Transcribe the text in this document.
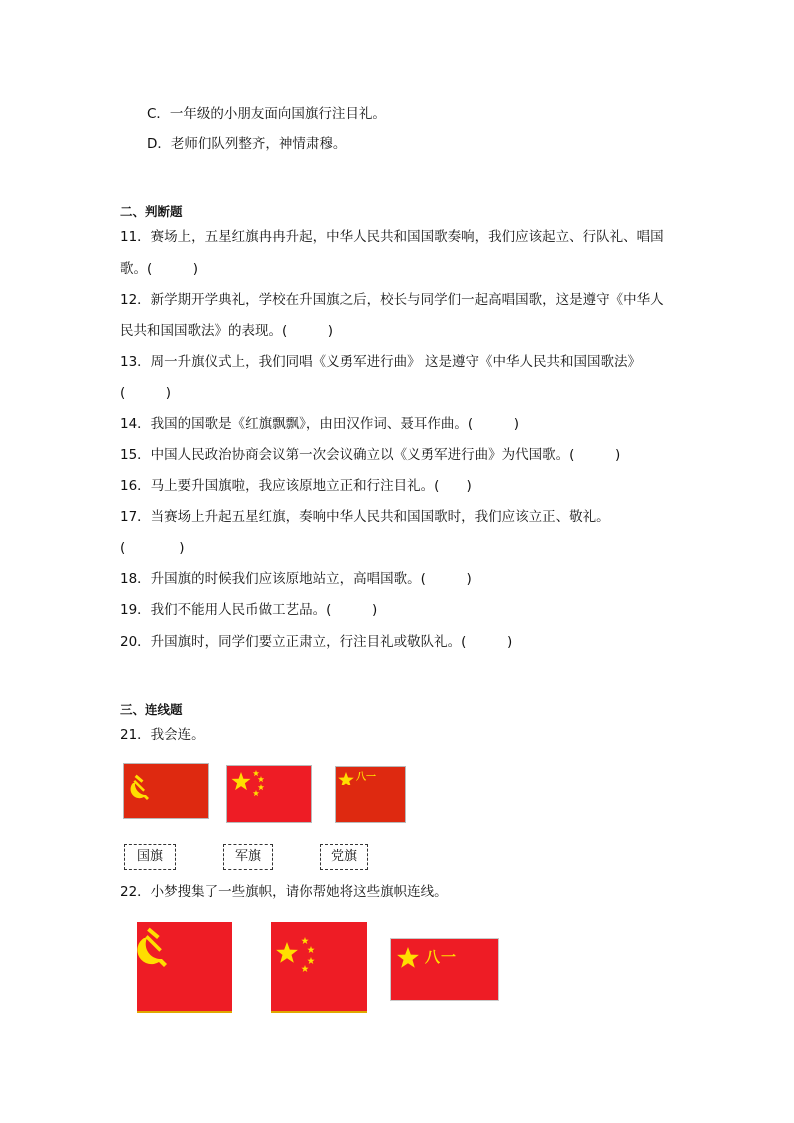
C．一年级的小朋友面向国旗行注目礼。
D．老师们队列整齐，神情肃穆。
二、判断题
11．赛场上，五星红旗冉冉升起，中华人民共和国国歌奏响，我们应该起立、行队礼、唱国
歌。(　　　)
12．新学期开学典礼，学校在升国旗之后，校长与同学们一起高唱国歌，这是遵守《中华人
民共和国国歌法》的表现。(　　　)
13．周一升旗仪式上，我们同唱《义勇军进行曲》 这是遵守《中华人民共和国国歌法》
(　　　)
14．我国的国歌是《红旗飘飘》，由田汉作词、聂耳作曲。(　　　)
15．中国人民政治协商会议第一次会议确立以《义勇军进行曲》为代国歌。(　　　)
16．马上要升国旗啦，我应该原地立正和行注目礼。(　　)
17．当赛场上升起五星红旗，奏响中华人民共和国国歌时，我们应该立正、敬礼。
(　　　　)
18．升国旗的时候我们应该原地站立，高唱国歌。(　　　)
19．我们不能用人民币做工艺品。(　　　)
20．升国旗时，同学们要立正肃立，行注目礼或敬队礼。(　　　)
三、连线题
21．我会连。
八一
国旗	军旗	党旗
22．小梦搜集了一些旗帜，请你帮她将这些旗帜连线。
八一
